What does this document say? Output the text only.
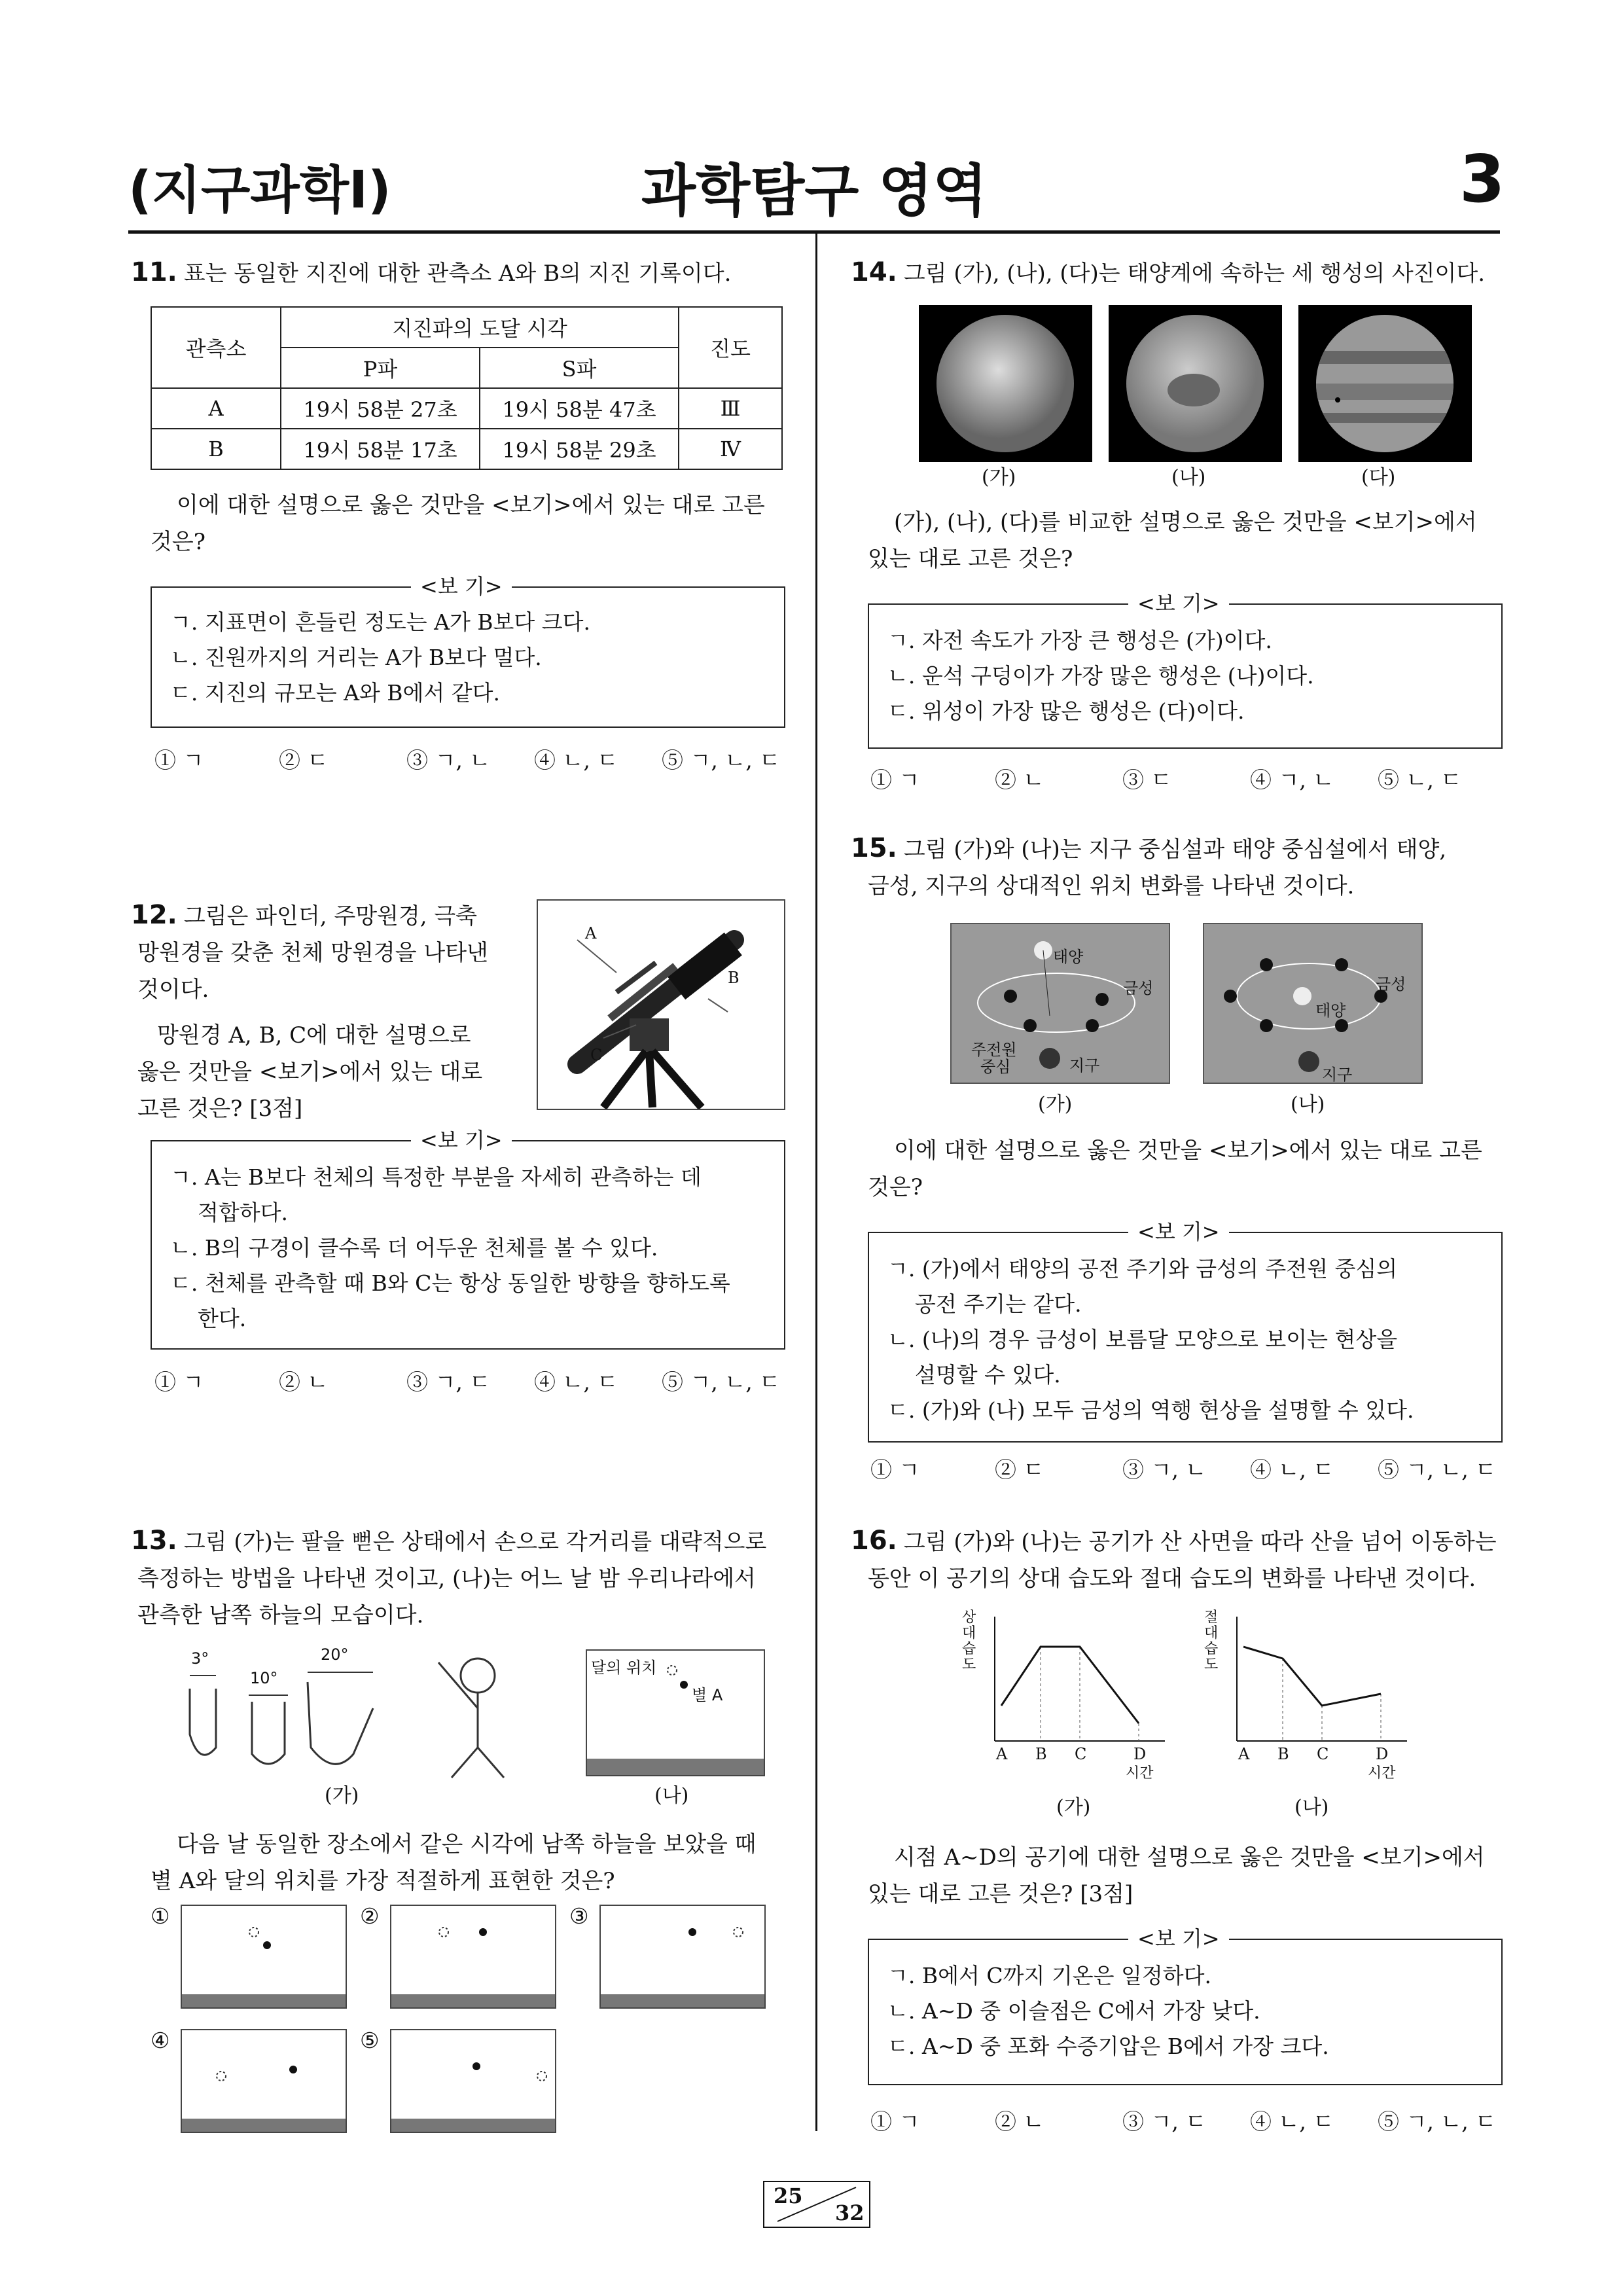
(지구과학Ⅰ)	과학탐구 영역	3
11. 표는 동일한 지진에 대한 관측소 A와 B의 지진 기록이다.
관측소	지진파의 도달 시각		진도
	P파	S파	
A	19시 58분 27초	19시 58분 47초	Ⅲ
B	19시 58분 17초	19시 58분 29초	Ⅳ
이에 대한 설명으로 옳은 것만을 <보기>에서 있는 대로 고른
것은?
ㄱ. 지표면이 흔들린 정도는 A가 B보다 크다.
ㄴ. 진원까지의 거리는 A가 B보다 멀다.
ㄷ. 지진의 규모는 A와 B에서 같다.
<보 기>
① ㄱ	② ㄷ	③ ㄱ, ㄴ ④ ㄴ, ㄷ ⑤ ㄱ, ㄴ, ㄷ
12. 그림은 파인더, 주망원경, 극축
망원경을 갖춘 천체 망원경을 나타낸
것이다.
망원경 A, B, C에 대한 설명으로
옳은 것만을 <보기>에서 있는 대로
고른 것은? [3점]
A
B
C
ㄱ. A는 B보다 천체의 특정한 부분을 자세히 관측하는 데
적합하다.
ㄴ. B의 구경이 클수록 더 어두운 천체를 볼 수 있다.
ㄷ. 천체를 관측할 때 B와 C는 항상 동일한 방향을 향하도록
한다.
<보 기>
① ㄱ	② ㄴ	③ ㄱ, ㄷ ④ ㄴ, ㄷ ⑤ ㄱ, ㄴ, ㄷ
13. 그림 (가)는 팔을 뻗은 상태에서 손으로 각거리를 대략적으로
측정하는 방법을 나타낸 것이고, (나)는 어느 날 밤 우리나라에서
관측한 남쪽 하늘의 모습이다.
3°
10°
20°
달의 위치
별 A
(가)	(나)
다음 날 동일한 장소에서 같은 시각에 남쪽 하늘을 보았을 때
별 A와 달의 위치를 가장 적절하게 표현한 것은?
①	②	③
④	⑤
14. 그림 (가), (나), (다)는 태양계에 속하는 세 행성의 사진이다.
(가)	(나)	(다)
(가), (나), (다)를 비교한 설명으로 옳은 것만을 <보기>에서
있는 대로 고른 것은?
ㄱ. 자전 속도가 가장 큰 행성은 (가)이다.
ㄴ. 운석 구덩이가 가장 많은 행성은 (나)이다.
ㄷ. 위성이 가장 많은 행성은 (다)이다.
<보 기>
① ㄱ	② ㄴ	③ ㄷ	④ ㄱ, ㄴ ⑤ ㄴ, ㄷ
15. 그림 (가)와 (나)는 지구 중심설과 태양 중심설에서 태양,
금성, 지구의 상대적인 위치 변화를 나타낸 것이다.
태양
금성
주전원
중심	지구
금성
태양
지구
(가)	(나)
이에 대한 설명으로 옳은 것만을 <보기>에서 있는 대로 고른
것은?
ㄱ. (가)에서 태양의 공전 주기와 금성의 주전원 중심의
공전 주기는 같다.
ㄴ. (나)의 경우 금성이 보름달 모양으로 보이는 현상을
설명할 수 있다.
ㄷ. (가)와 (나) 모두 금성의 역행 현상을 설명할 수 있다.
<보 기>
① ㄱ	② ㄷ	③ ㄱ, ㄴ ④ ㄴ, ㄷ ⑤ ㄱ, ㄴ, ㄷ
16. 그림 (가)와 (나)는 공기가 산 사면을 따라 산을 넘어 이동하는
동안 이 공기의 상대 습도와 절대 습도의 변화를 나타낸 것이다.
상대 습도
A B C	D
시간
절대 습도
A B C	D
시간
(가)	(나)
시점 A~D의 공기에 대한 설명으로 옳은 것만을 <보기>에서
있는 대로 고른 것은? [3점]
ㄱ. B에서 C까지 기온은 일정하다.
ㄴ. A~D 중 이슬점은 C에서 가장 낮다.
ㄷ. A~D 중 포화 수증기압은 B에서 가장 크다.
<보 기>
① ㄱ	② ㄴ	③ ㄱ, ㄷ ④ ㄴ, ㄷ ⑤ ㄱ, ㄴ, ㄷ
25
32
